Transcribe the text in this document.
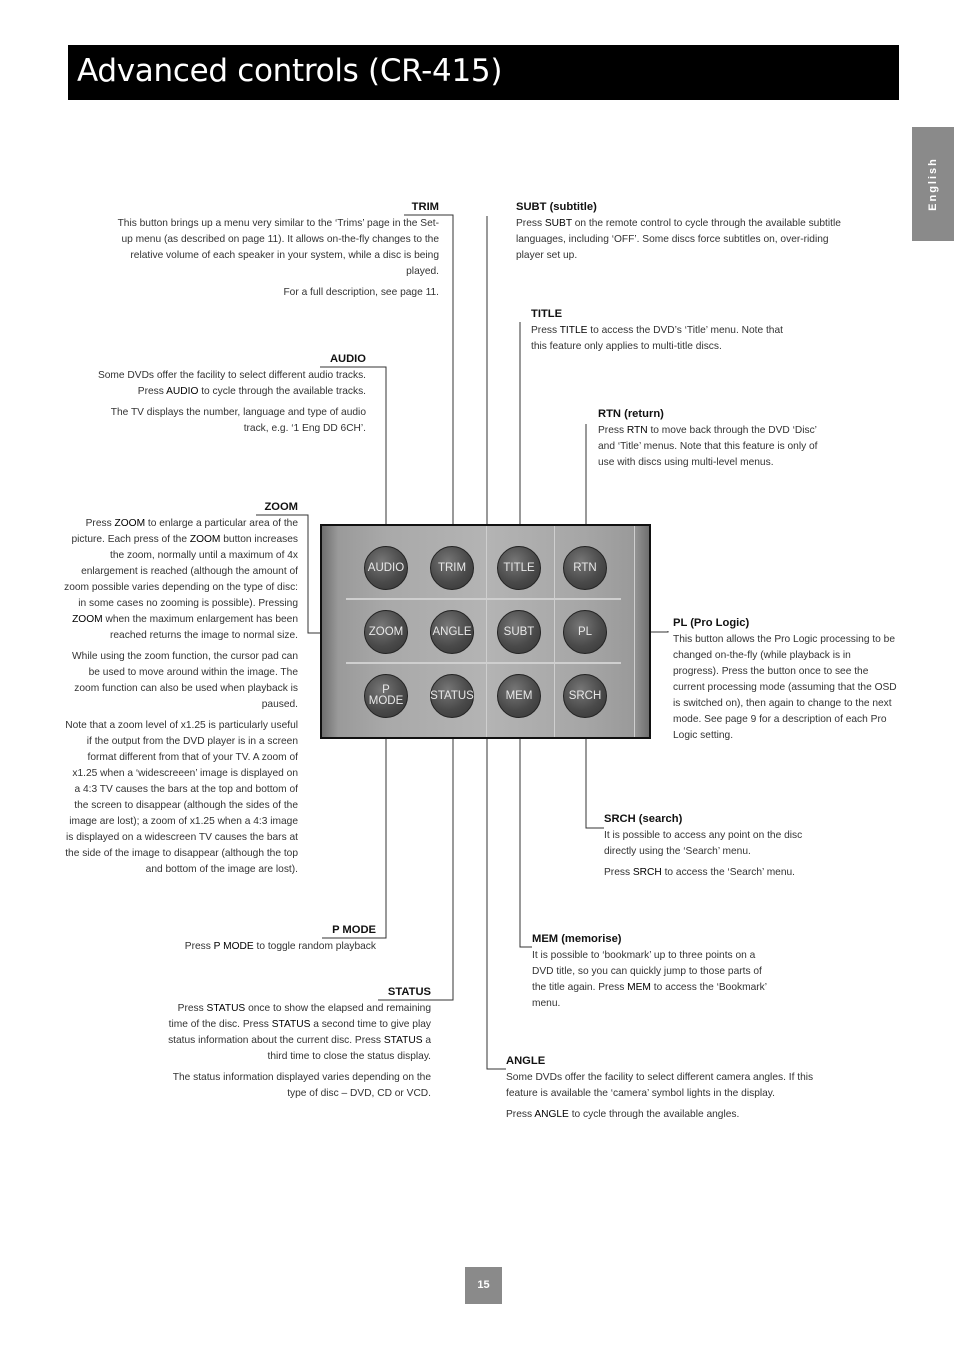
Advanced controls (CR-415)
English
AUDIO	TRIM	TITLE	RTN
ZOOM	ANGLE	SUBT	PL
P
MODE	STATUS	MEM	SRCH
TRIM

This button brings up a menu very similar to the ‘Trims’ page in the Set-up menu (as described on page 11). It allows on-the-fly changes to the relative volume of each speaker in your system, while a disc is being played.

For a full description, see page 11.

AUDIO

Some DVDs offer the facility to select different audio tracks. Press AUDIO to cycle through the available tracks.

The TV displays the number, language and type of audio track, e.g. ‘1 Eng DD 6CH’.

ZOOM

Press ZOOM to enlarge a particular area of the picture. Each press of the ZOOM button increases the zoom, normally until a maximum of 4x enlargement is reached (although the amount of zoom possible varies depending on the type of disc: in some cases no zooming is possible). Pressing ZOOM when the maximum enlargement has been reached returns the image to normal size.

While using the zoom function, the cursor pad can be used to move around within the image. The zoom function can also be used when playback is paused.

Note that a zoom level of x1.25 is particularly useful if the output from the DVD player is in a screen format different from that of your TV. A zoom of x1.25 when a ‘widescreeen’ image is displayed on a 4:3 TV causes the bars at the top and bottom of the screen to disappear (although the sides of the image are lost); a zoom of x1.25 when a 4:3 image is displayed on a widescreen TV causes the bars at the side of the image to disappear (although the top and bottom of the image are lost).

P MODE

Press P MODE to toggle random playback

STATUS

Press STATUS once to show the elapsed and remaining time of the disc. Press STATUS a second time to give play status information about the current disc. Press STATUS a third time to close the status display.

The status information displayed varies depending on the type of disc – DVD, CD or VCD.

SUBT (subtitle)

Press SUBT on the remote control to cycle through the available subtitle languages, including ‘OFF’. Some discs force subtitles on, over-riding player set up.

TITLE

Press TITLE to access the DVD’s ‘Title’ menu. Note that this feature only applies to multi-title discs.

RTN (return)

Press RTN to move back through the DVD ‘Disc’ and ‘Title’ menus. Note that this feature is only of use with discs using multi-level menus.

PL (Pro Logic)

This button allows the Pro Logic processing to be changed on-the-fly (while playback is in progress). Press the button once to see the current processing mode (assuming that the OSD is switched on), then again to change to the next mode. See page 9 for a description of each Pro Logic setting.

SRCH (search)

It is possible to access any point on the disc directly using the ‘Search’ menu.

Press SRCH to access the ‘Search’ menu.

MEM (memorise)

It is possible to ‘bookmark’ up to three points on a DVD title, so you can quickly jump to those parts of the title again. Press MEM to access the ‘Bookmark’ menu.

ANGLE

Some DVDs offer the facility to select different camera angles. If this feature is available the ‘camera’ symbol lights in the display.

Press ANGLE to cycle through the available angles.

15
